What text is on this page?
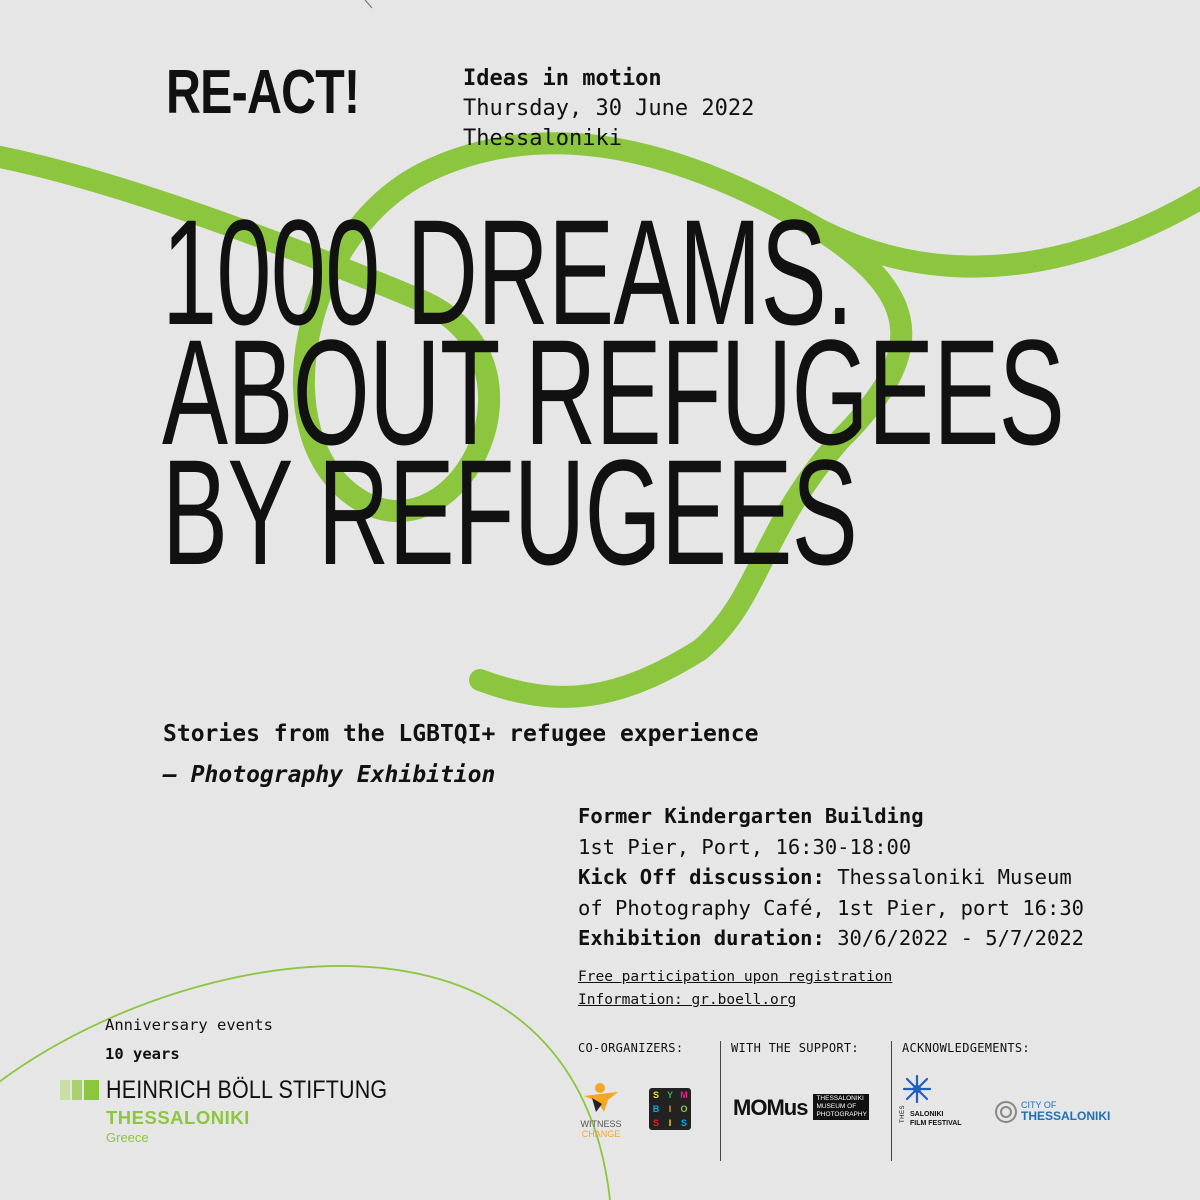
RE-ACT!	Ideas in motion
Thursday, 30 June 2022
Thessaloniki
1000 DREAMS.
ABOUT REFUGEES
BY REFUGEES
Stories from the LGBTQI+ refugee experience
– Photography Exhibition
Former Kindergarten Building
1st Pier, Port, 16:30-18:00
Kick Off discussion: Thessaloniki Museum
of Photography Café, 1st Pier, port 16:30
Exhibition duration: 30/6/2022 - 5/7/2022
Free participation upon registration
Information: gr.boell.org
CO-ORGANIZERS:	WITH THE SUPPORT:	ACKNOWLEDGEMENTS:
WITNESS
CHANGE
S Y M
B	I	O
S	I	S
MOMus THESSALONIKI
MUSEUM OF
PHOTOGRAPHY	THES SALONIKI
FILM FESTIVAL
CITY OF
THESSALONIKI
Anniversary events
10 years
HEINRICH BÖLL STIFTUNG
THESSALONIKI
Greece
